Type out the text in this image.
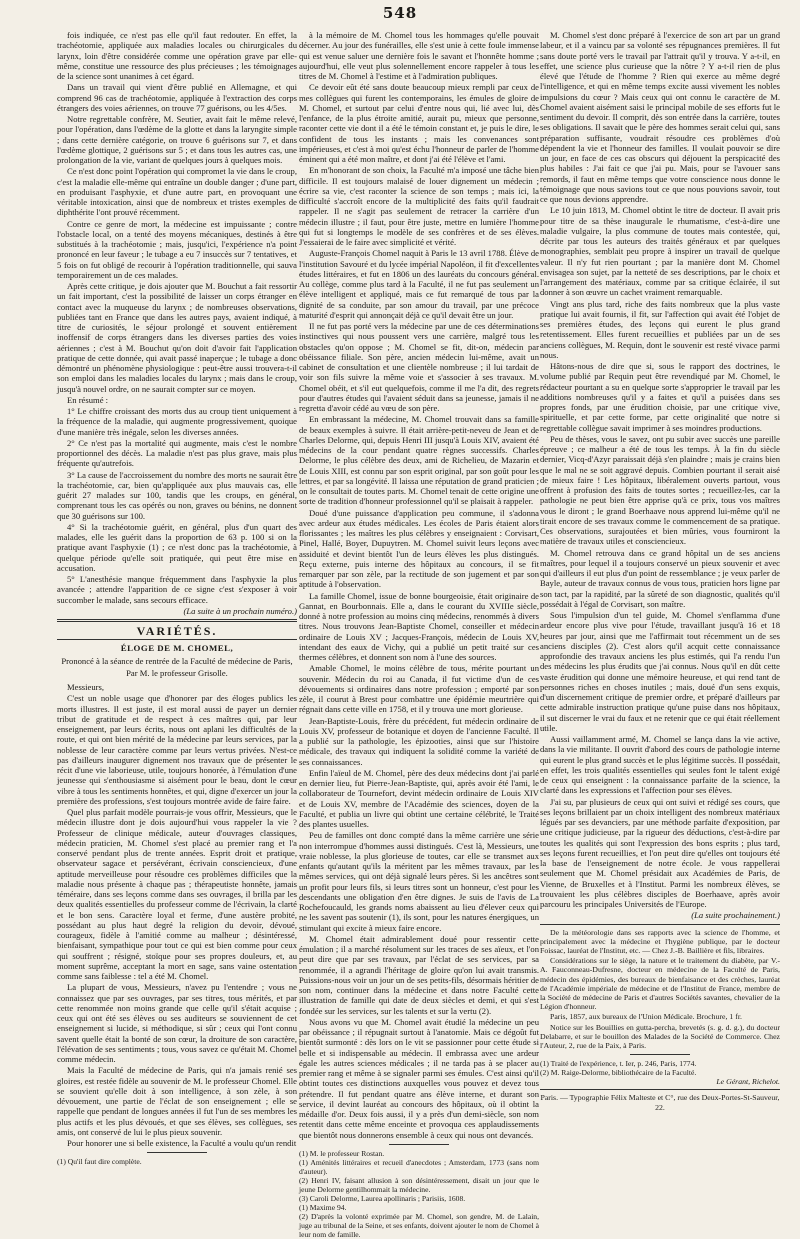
548

fois indiquée, ce n'est pas elle qu'il faut redouter. En effet, la trachéotomie, appliquée aux maladies locales ou chirurgicales du larynx, loin d'être considérée comme une opération grave par elle-même, constitue une ressource des plus précieuses ; les témoignages de la science sont unanimes à cet égard.

Dans un travail qui vient d'être publié en Allemagne, et qui comprend 96 cas de trachéotomie, appliquée à l'extraction des corps étrangers des voies aériennes, on trouve 77 guérisons, ou les 4/5es.

Notre regrettable confrère, M. Seutier, avait fait le même relevé, pour l'opération, dans l'œdème de la glotte et dans la laryngite simple ; dans cette dernière catégorie, on trouve 6 guérisons sur 7, et dans l'œdème glottique, 2 guérisons sur 5 ; et dans tous les autres cas, une prolongation de la vie, variant de quelques jours à quelques mois.

Ce n'est donc point l'opération qui compromet la vie dans le croup, c'est la maladie elle-même qui entraîne un double danger ; d'une part, en produisant l'asphyxie, et d'une autre part, en provoquant une véritable intoxication, ainsi que de nombreux et tristes exemples de diphthérite l'ont prouvé récemment.

Contre ce genre de mort, la médecine est impuissante ; contre l'obstacle local, on a tenté des moyens mécaniques, destinés à être substitués à la trachéotomie ; mais, jusqu'ici, l'expérience n'a point prononcé en leur faveur ; le tubage a eu 7 insuccès sur 7 tentatives, et 5 fois on fut obligé de recourir à l'opération traditionnelle, qui sauva temporairement un de ces malades.

Après cette critique, je dois ajouter que M. Bouchut a fait ressortir un fait important, c'est la possibilité de laisser un corps étranger en contact avec la muqueuse du larynx ; de nombreuses observations, publiées tant en France que dans les autres pays, avaient indiqué, à titre de curiosités, le séjour prolongé et souvent entièrement inoffensif de corps étrangers dans les diverses parties des voies aériennes ; c'est à M. Bouchut qu'on doit d'avoir fait l'application pratique de cette donnée, qui avait passé inaperçue ; le tubage a donc démontré un phénomène physiologique : peut-être aussi trouvera-t-il son emploi dans les maladies locales du larynx ; mais dans le croup, jusqu'à nouvel ordre, on ne saurait compter sur ce moyen.

En résumé :

1° Le chiffre croissant des morts dus au croup tient uniquement à la fréquence de la maladie, qui augmente progressivement, quoique d'une manière très inégale, selon les diverses années.

2° Ce n'est pas la mortalité qui augmente, mais c'est le nombre proportionnel des décès. La maladie n'est pas plus grave, mais plus fréquente qu'autrefois.

3° La cause de l'accroissement du nombre des morts ne saurait être la trachéotomie, car, bien qu'appliquée aux plus mauvais cas, elle guérit 27 malades sur 100, tandis que les croups, en général, comprenant tous les cas opérés ou non, graves ou bénins, ne donnent que 30 guérisons sur 100.

4° Si la trachéotomie guérit, en général, plus d'un quart des malades, elle les guérit dans la proportion de 63 p. 100 si on la pratique avant l'asphyxie (1) ; ce n'est donc pas la trachéotomie, à quelque période qu'elle soit pratiquée, qui peut être mise en accusation.

5° L'anesthésie manque fréquemment dans l'asphyxie la plus avancée ; attendre l'apparition de ce signe c'est s'exposer à voir succomber le malade, sans secours efficace.

(La suite à un prochain numéro.)
VARIÉTÉS.
ÉLOGE DE M. CHOMEL,
Prononcé à la séance de rentrée de la Faculté de médecine de Paris,
Par M. le professeur Grisolle.

Messieurs,

C'est un noble usage que d'honorer par des éloges publics les morts illustres. Il est juste, il est moral aussi de payer un dernier tribut de gratitude et de respect à ces maîtres qui, par leur enseignement, par leurs écrits, nous ont aplani les difficultés de la route, et qui ont bien mérité de la médecine par leurs services, par la noblesse de leur caractère comme par leurs vertus privées. N'est-ce pas d'ailleurs inaugurer dignement nos travaux que de présenter le récit d'une vie laborieuse, utile, toujours honorée, à l'émulation d'une jeunesse qui s'enthousiasme si aisément pour le beau, dont le cœur vibre à tous les sentiments honnêtes, et qui, digne d'exercer un jour la première des professions, s'est toujours montrée avide de faire faire.

Quel plus parfait modèle pourrais-je vous offrir, Messieurs, que le médecin illustre dont je dois aujourd'hui vous rappeler la vie ? Professeur de clinique médicale, auteur d'ouvrages classiques, médecin praticien, M. Chomel s'est placé au premier rang et l'a conservé pendant plus de trente années. Esprit droit et pratique, observateur sagace et persévérant, écrivain consciencieux, d'une aptitude merveilleuse pour résoudre ces problèmes difficiles que la maladie nous présente à chaque pas ; thérapeutiste honnête, jamais téméraire, dans ses leçons comme dans ses ouvrages, il brilla par les deux qualités essentielles du professeur comme de l'écrivain, la clarté et le bon sens. Caractère loyal et ferme, d'une austère probité, possédant au plus haut degré la religion du devoir, dévoué, courageux, fidèle à l'amitié comme au malheur ; désintéressé, bienfaisant, sympathique pour tout ce qui est bien comme pour ceux qui souffrent ; résigné, stoïque pour ses propres douleurs, et, au moment suprême, acceptant la mort en sage, sans vaine ostentation comme sans faiblesse : tel a été M. Chomel.

La plupart de vous, Messieurs, n'avez pu l'entendre ; vous ne connaissez que par ses ouvrages, par ses titres, tous mérités, et par cette renommée non moins grande que celle qu'il s'était acquise ; ceux qui ont été ses élèves ou ses auditeurs se souviennent de cet enseignement si lucide, si méthodique, si sûr ; ceux qui l'ont connu savent quelle était la bonté de son cœur, la droiture de son caractère, l'élévation de ses sentiments ; tous, vous savez ce qu'était M. Chomel comme médecin.

Mais la Faculté de médecine de Paris, qui n'a jamais renié ses gloires, est restée fidèle au souvenir de M. le professeur Chomel. Elle se souvient qu'elle doit à son intelligence, à son zèle, à son dévouement, une partie de l'éclat de son enseignement ; elle se rappelle que pendant de longues années il fut l'un de ses membres les plus actifs et les plus dévoués, et que ses élèves, ses collègues, ses amis, ont conservé de lui le plus pieux souvenir.

Pour honorer une si belle existence, la Faculté a voulu qu'un rendit

(1) Qu'il faut dire complète.

à la mémoire de M. Chomel tous les hommages qu'elle pouvait décerner. Au jour des funérailles, elle s'est unie à cette foule immense qui est venue saluer une dernière fois le savant et l'honnête homme ; aujourd'hui, elle veut plus solennellement encore rappeler à tous les titres de M. Chomel à l'estime et à l'admiration publiques.

Ce devoir eût été sans doute beaucoup mieux rempli par ceux de mes collègues qui furent les contemporains, les émules de gloire de M. Chomel, et surtout par celui d'entre nous qui, lié avec lui, dès l'enfance, de la plus étroite amitié, aurait pu, mieux que personne, raconter cette vie dont il a été le témoin constant et, je puis le dire, le confident de tous les instants ; mais les convenances sont impérieuses, et c'est à moi qu'est échu l'honneur de parler de l'homme éminent qui a été mon maître, et dont j'ai été l'élève et l'ami.

En m'honorant de son choix, la Faculté m'a imposé une tâche bien difficile. Il est toujours malaisé de louer dignement un médecin ; écrire sa vie, c'est raconter la science de son temps ; mais ici, la difficulté s'accroît encore de la multiplicité des faits qu'il faudrait rappeler. Il ne s'agit pas seulement de retracer la carrière d'un médecin illustre ; il faut, pour être juste, mettre en lumière l'homme qui fut si longtemps le modèle de ses confrères et de ses élèves. J'essaierai de le faire avec simplicité et vérité.

Auguste-François Chomel naquit à Paris le 13 avril 1788. Élève de l'institution Savouré et du lycée impérial Napoléon, il fit d'excellentes études littéraires, et fut en 1806 un des lauréats du concours général. Au collège, comme plus tard à la Faculté, il ne fut pas seulement un élève intelligent et appliqué, mais ce fut remarqué de tous par la dignité de sa conduite, par son amour du travail, par une précoce maturité d'esprit qui annonçait déjà ce qu'il devait être un jour.

Il ne fut pas porté vers la médecine par une de ces déterminations instinctives qui nous poussent vers une carrière, malgré tous les obstacles qu'on oppose ; M. Chomel se fit, dit-on, médecin par obéissance filiale. Son père, ancien médecin lui-même, avait un cabinet de consultation et une clientèle nombreuse ; il lui tardait de voir son fils suivre la même voie et s'associer à ses travaux. M. Chomel obéit, et s'il eut quelquefois, comme il me l'a dit, des regrets pour d'autres études qui l'avaient séduit dans sa jeunesse, jamais il ne regretta d'avoir cédé au vœu de son père.

En embrassant la médecine, M. Chomel trouvait dans sa famille de beaux exemples à suivre. Il était arrière-petit-neveu de Jean et de Charles Delorme, qui, depuis Henri III jusqu'à Louis XIV, avaient été médecins de la cour pendant quatre règnes successifs. Charles Delorme, le plus célèbre des deux, ami de Richelieu, de Mazarin et de Louis XIII, est connu par son esprit original, par son goût pour les lettres, et par sa longévité. Il laissa une réputation de grand praticien ; on le consultait de toutes parts. M. Chomel tenait de cette origine une sorte de tradition d'honneur professionnel qu'il se plaisait à rappeler.

Doué d'une puissance d'application peu commune, il s'adonna avec ardeur aux études médicales. Les écoles de Paris étaient alors florissantes ; les maîtres les plus célèbres y enseignaient : Corvisart, Pinel, Hallé, Boyer, Dupuytren. M. Chomel suivit leurs leçons avec assiduité et devint bientôt l'un de leurs élèves les plus distingués. Reçu externe, puis interne des hôpitaux au concours, il se fit remarquer par son zèle, par la rectitude de son jugement et par son aptitude à l'observation.

La famille Chomel, issue de bonne bourgeoisie, était originaire de Gannat, en Bourbonnais. Elle a, dans le courant du XVIIIe siècle, donné à notre profession au moins cinq médecins, renommés à divers titres. Nous trouvons Jean-Baptiste Chomel, conseiller et médecin ordinaire de Louis XV ; Jacques-François, médecin de Louis XV, intendant des eaux de Vichy, qui a publié un petit traité sur ces thermes célèbres, et donnent son nom à l'une des sources.

Amable Chomel, le moins célèbre de tous, mérite pourtant un souvenir. Médecin du roi au Canada, il fut victime d'un de ces dévouements si ordinaires dans notre profession ; emporté par son zèle, il courut à Brest pour combattre une épidémie meurtrière qui régnait dans cette ville en 1758, et il y trouva une mort glorieuse.

Jean-Baptiste-Louis, frère du précédent, fut médecin ordinaire de Louis XV, professeur de botanique et doyen de l'ancienne Faculté. Il a publié sur la pathologie, les épizooties, ainsi que sur l'histoire médicale, des travaux qui indiquent la solidité comme la variété de ses connaissances.

Enfin l'aïeul de M. Chomel, père des deux médecins dont j'ai parlé en dernier lieu, fut Pierre-Jean-Baptiste, qui, après avoir été l'ami, le collaborateur de Tournefort, devint médecin ordinaire de Louis XIV et de Louis XV, membre de l'Académie des sciences, doyen de la Faculté, et publia un livre qui obtint une certaine célébrité, le Traité des plantes usuelles.

Peu de familles ont donc compté dans la même carrière une série non interrompue d'hommes aussi distingués. C'est là, Messieurs, une vraie noblesse, la plus glorieuse de toutes, car elle se transmet aux enfants qu'autant qu'ils la méritent par les mêmes travaux, par les mêmes services, qui ont déjà signalé leurs pères. Si les ancêtres sont un profit pour leurs fils, si leurs titres sont un honneur, c'est pour les descendants une obligation d'en être dignes. Je suis de l'avis de La Rochefoucauld, les grands noms abaissent au lieu d'élever ceux qui ne les savent pas soutenir (1), ils sont, pour les natures énergiques, un stimulant qui excite à mieux faire encore.

M. Chomel était admirablement doué pour ressentir cette émulation ; il a marché résolument sur les traces de ses aïeux, et l'on peut dire que par ses travaux, par l'éclat de ses services, par sa renommée, il a agrandi l'héritage de gloire qu'on lui avait transmis. Puissions-nous voir un jour un de ses petits-fils, désormais héritier de son nom, continuer dans la médecine et dans notre Faculté cette illustration de famille qui date de deux siècles et demi, et qui s'est fondée sur les services, sur les talents et sur la vertu (2).

Nous avons vu que M. Chomel avait étudié la médecine un peu par obéissance ; il répugnait surtout à l'anatomie. Mais ce dégoût fut bientôt surmonté : dès lors on le vit se passionner pour cette étude si belle et si indispensable au médecin. Il embrassa avec une ardeur égale les autres sciences médicales ; il ne tarda pas à se placer au premier rang et même à se signaler parmi ses émules. C'est ainsi qu'il obtint toutes ces distinctions auxquelles vous pouvez et devez tous prétendre. Il fut pendant quatre ans élève interne, et durant son service, il devint lauréat au concours des hôpitaux, où il obtint la médaille d'or. Deux fois aussi, il y a près d'un demi-siècle, son nom retentit dans cette même enceinte et provoqua ces applaudissements que bientôt nous donnerons ensemble à ceux qui nous ont devancés.

(1) M. le professeur Rostan.

(1) Aménités littéraires et recueil d'anecdotes ; Amsterdam, 1773 (sans nom d'auteur).

(2) Henri IV, faisant allusion à son désintéressement, disait un jour que le jeune Delorme gentilhommait la médecine.

(3) Caroli Delorme, Laurea apollinaris ; Parisiis, 1608.

(1) Maxime 94.

(2) D'après la volonté exprimée par M. Chomel, son gendre, M. de Lalain, juge au tribunal de la Seine, et ses enfants, doivent ajouter le nom de Chomel à leur nom de famille.

M. Chomel s'est donc préparé à l'exercice de son art par un grand labeur, et il a vaincu par sa volonté ses répugnances premières. Il fut sans doute porté vers le travail par l'attrait qu'il y trouva. Y a-t-il, en effet, une science plus curieuse que la nôtre ? Y a-t-il rien de plus élevé que l'étude de l'homme ? Rien qui exerce au même degré l'intelligence, et qui en même temps excite aussi vivement les nobles impulsions du cœur ? Mais ceux qui ont connu le caractère de M. Chomel avaient aisément saisi le principal mobile de ses efforts fut le sentiment du devoir. Il comprit, dès son entrée dans la carrière, toutes ses obligations. Il savait que le père des hommes serait celui qui, sans préparation suffisante, voudrait résoudre ces problèmes d'où dépendent la vie et l'honneur des familles. Il voulait pouvoir se dire un jour, en face de ces cas obscurs qui déjouent la perspicacité des plus habiles : J'ai fait ce que j'ai pu. Mais, pour se l'avouer sans remords, il faut en même temps que votre conscience nous donne le témoignage que nous savions tout ce que nous pouvions savoir, tout ce que nous devions apprendre.

Le 10 juin 1813, M. Chomel obtint le titre de docteur. Il avait pris pour titre de sa thèse inaugurale le rhumatisme, c'est-à-dire une maladie vulgaire, la plus commune de toutes mais contestée, qui, décrite par tous les auteurs des traités généraux et par quelques monographies, semblait peu propre à inspirer un travail de quelque valeur. Il n'y fut rien pourtant ; par la manière dont M. Chomel envisagea son sujet, par la netteté de ses descriptions, par le choix et l'arrangement des matériaux, comme par sa critique éclairée, il sut donner à son œuvre un cachet vraiment remarquable.

Vingt ans plus tard, riche des faits nombreux que la plus vaste pratique lui avait fournis, il fit, sur l'affection qui avait été l'objet de ses premières études, des leçons qui eurent le plus grand retentissement. Elles furent recueillies et publiées par un de ses anciens collègues, M. Requin, dont le souvenir est resté vivace parmi nous.

Hâtons-nous de dire que si, sous le rapport des doctrines, le volume publié par Requin peut être revendiqué par M. Chomel, le rédacteur pourtant a su en quelque sorte s'approprier le travail par les additions nombreuses qu'il y a faites et qu'il a puisées dans ses propres fonds, par une érudition choisie, par une critique vive, spirituelle, et par cette forme, par cette originalité que notre si regrettable collègue savait imprimer à ses moindres productions.

Peu de thèses, vous le savez, ont pu subir avec succès une pareille épreuve ; ce malheur a été de tous les temps. À la fin du siècle dernier, Vicq-d'Azyr paraissait déjà s'en plaindre ; mais je crains bien que le mal ne se soit aggravé depuis. Combien pourtant il serait aisé de mieux faire ! Les hôpitaux, libéralement ouverts partout, vous offrent à profusion des faits de toutes sortes ; recueillez-les, car la pathologie ne peut bien être apprise qu'à ce prix, tous vos maîtres vous le diront ; le grand Boerhaave nous apprend lui-même qu'il ne tirait encore de ses travaux comme le commencement de sa pratique. Ces observations, surajoutées et bien mûries, vous fourniront la matière de travaux utiles et consciencieux.

M. Chomel retrouva dans ce grand hôpital un de ses anciens maîtres, pour lequel il a toujours conservé un pieux souvenir et avec qui d'ailleurs il eut plus d'un point de ressemblance ; je veux parler de Bayle, auteur de travaux connus de vous tous, praticien hors ligne par son tact, par la rapidité, par la sûreté de son diagnostic, qualités qu'il possédait à l'égal de Corvisart, son maître.

Sous l'impulsion d'un tel guide, M. Chomel s'enflamma d'une ardeur encore plus vive pour l'étude, travaillant jusqu'à 16 et 18 heures par jour, ainsi que me l'affirmait tout récemment un de ses anciens disciples (2). C'est alors qu'il acquit cette connaissance approfondie des travaux anciens les plus estimés, qui l'a rendu l'un des médecins les plus érudits que j'ai connus. Nous qu'il en dût cette vaste érudition qui donne une mémoire heureuse, et qui rend tant de personnes riches en choses inutiles ; mais, doué d'un sens exquis, d'un discernement critique de premier ordre, et préparé d'ailleurs par cette admirable instruction pratique qu'une puise dans nos hôpitaux, il sut discerner le vrai du faux et ne retenir que ce qui était réellement utile.

Aussi vaillamment armé, M. Chomel se lança dans la vie active, dans la vie militante. Il ouvrit d'abord des cours de pathologie interne qui eurent le plus grand succès et le plus légitime succès. Il possédait, en effet, les trois qualités essentielles qui seules font le talent exigé de ceux qui enseignent : la connaissance parfaite de la science, la clarté dans les expressions et l'affection pour ses élèves.

J'ai su, par plusieurs de ceux qui ont suivi et rédigé ses cours, que ses leçons brillaient par un choix intelligent des nombreux matériaux légués par ses devanciers, par une méthode parfaite d'exposition, par une critique judicieuse, par la rigueur des déductions, c'est-à-dire par toutes les qualités qui sont l'expression des bons esprits ; plus tard, ses leçons furent recueillies, et l'on peut dire qu'elles ont toujours été la base de l'enseignement de notre école. Je vous rappellerai seulement que M. Chomel présidait aux Académies de Paris, de Vienne, de Bruxelles et à l'Institut. Parmi les nombreux élèves, se trouvaient les plus célèbres disciples de Boerhaave, après avoir parcouru les principales Universités de l'Europe.

(La suite prochainement.)

De la météorologie dans ses rapports avec la science de l'homme, et principalement avec la médecine et l'hygiène publique, par le docteur Foissac, lauréat de l'Institut, etc. — Chez J.-B. Baillière et fils, libraires.

Considérations sur le siège, la nature et le traitement du diabète, par V.-A. Fauconneau-Dufresne, docteur en médecine de la Faculté de Paris, médecin des épidémies, des bureaux de bienfaisance et des crèches, lauréat de l'Académie impériale de médecine et de l'Institut de France, membre de la Société de médecine de Paris et d'autres Sociétés savantes, chevalier de la Légion d'honneur.

Paris, 1857, aux bureaux de l'Union Médicale. Brochure, 1 fr.

Notice sur les Bouillies en gutta-percha, brevetés (s. g. d. g.), du docteur Delabarre, et sur le bouillon des Malades de la Société de Commerce. Chez l'Auteur, 2, rue de la Paix, à Paris.

(1) Traité de l'expérience, t. Ier, p. 246, Paris, 1774.

(2) M. Raige-Delorme, bibliothécaire de la Faculté.

Le Gérant, Richelot.
Paris. — Typographie Félix Malteste et C°, rue des Deux-Portes-St-Sauveur, 22.
